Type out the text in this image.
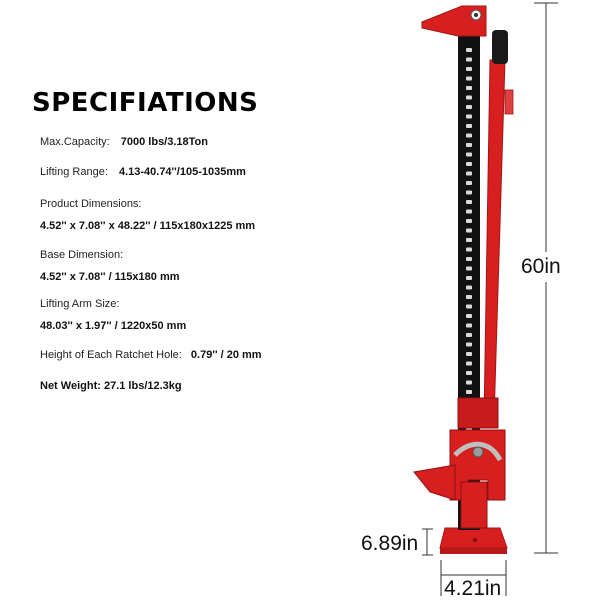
SPECIFIATIONS
Max.Capacity: 7000 lbs/3.18Ton
Lifting Range: 4.13-40.74''/105-1035mm
Product Dimensions:
4.52'' x 7.08'' x 48.22'' / 115x180x1225 mm
Base Dimension:
4.52'' x 7.08'' / 115x180 mm
Lifting Arm Size:
48.03'' x 1.97'' / 1220x50 mm
Height of Each Ratchet Hole: 0.79'' / 20 mm
Net Weight: 27.1 lbs/12.3kg
60in
6.89in
4.21in
